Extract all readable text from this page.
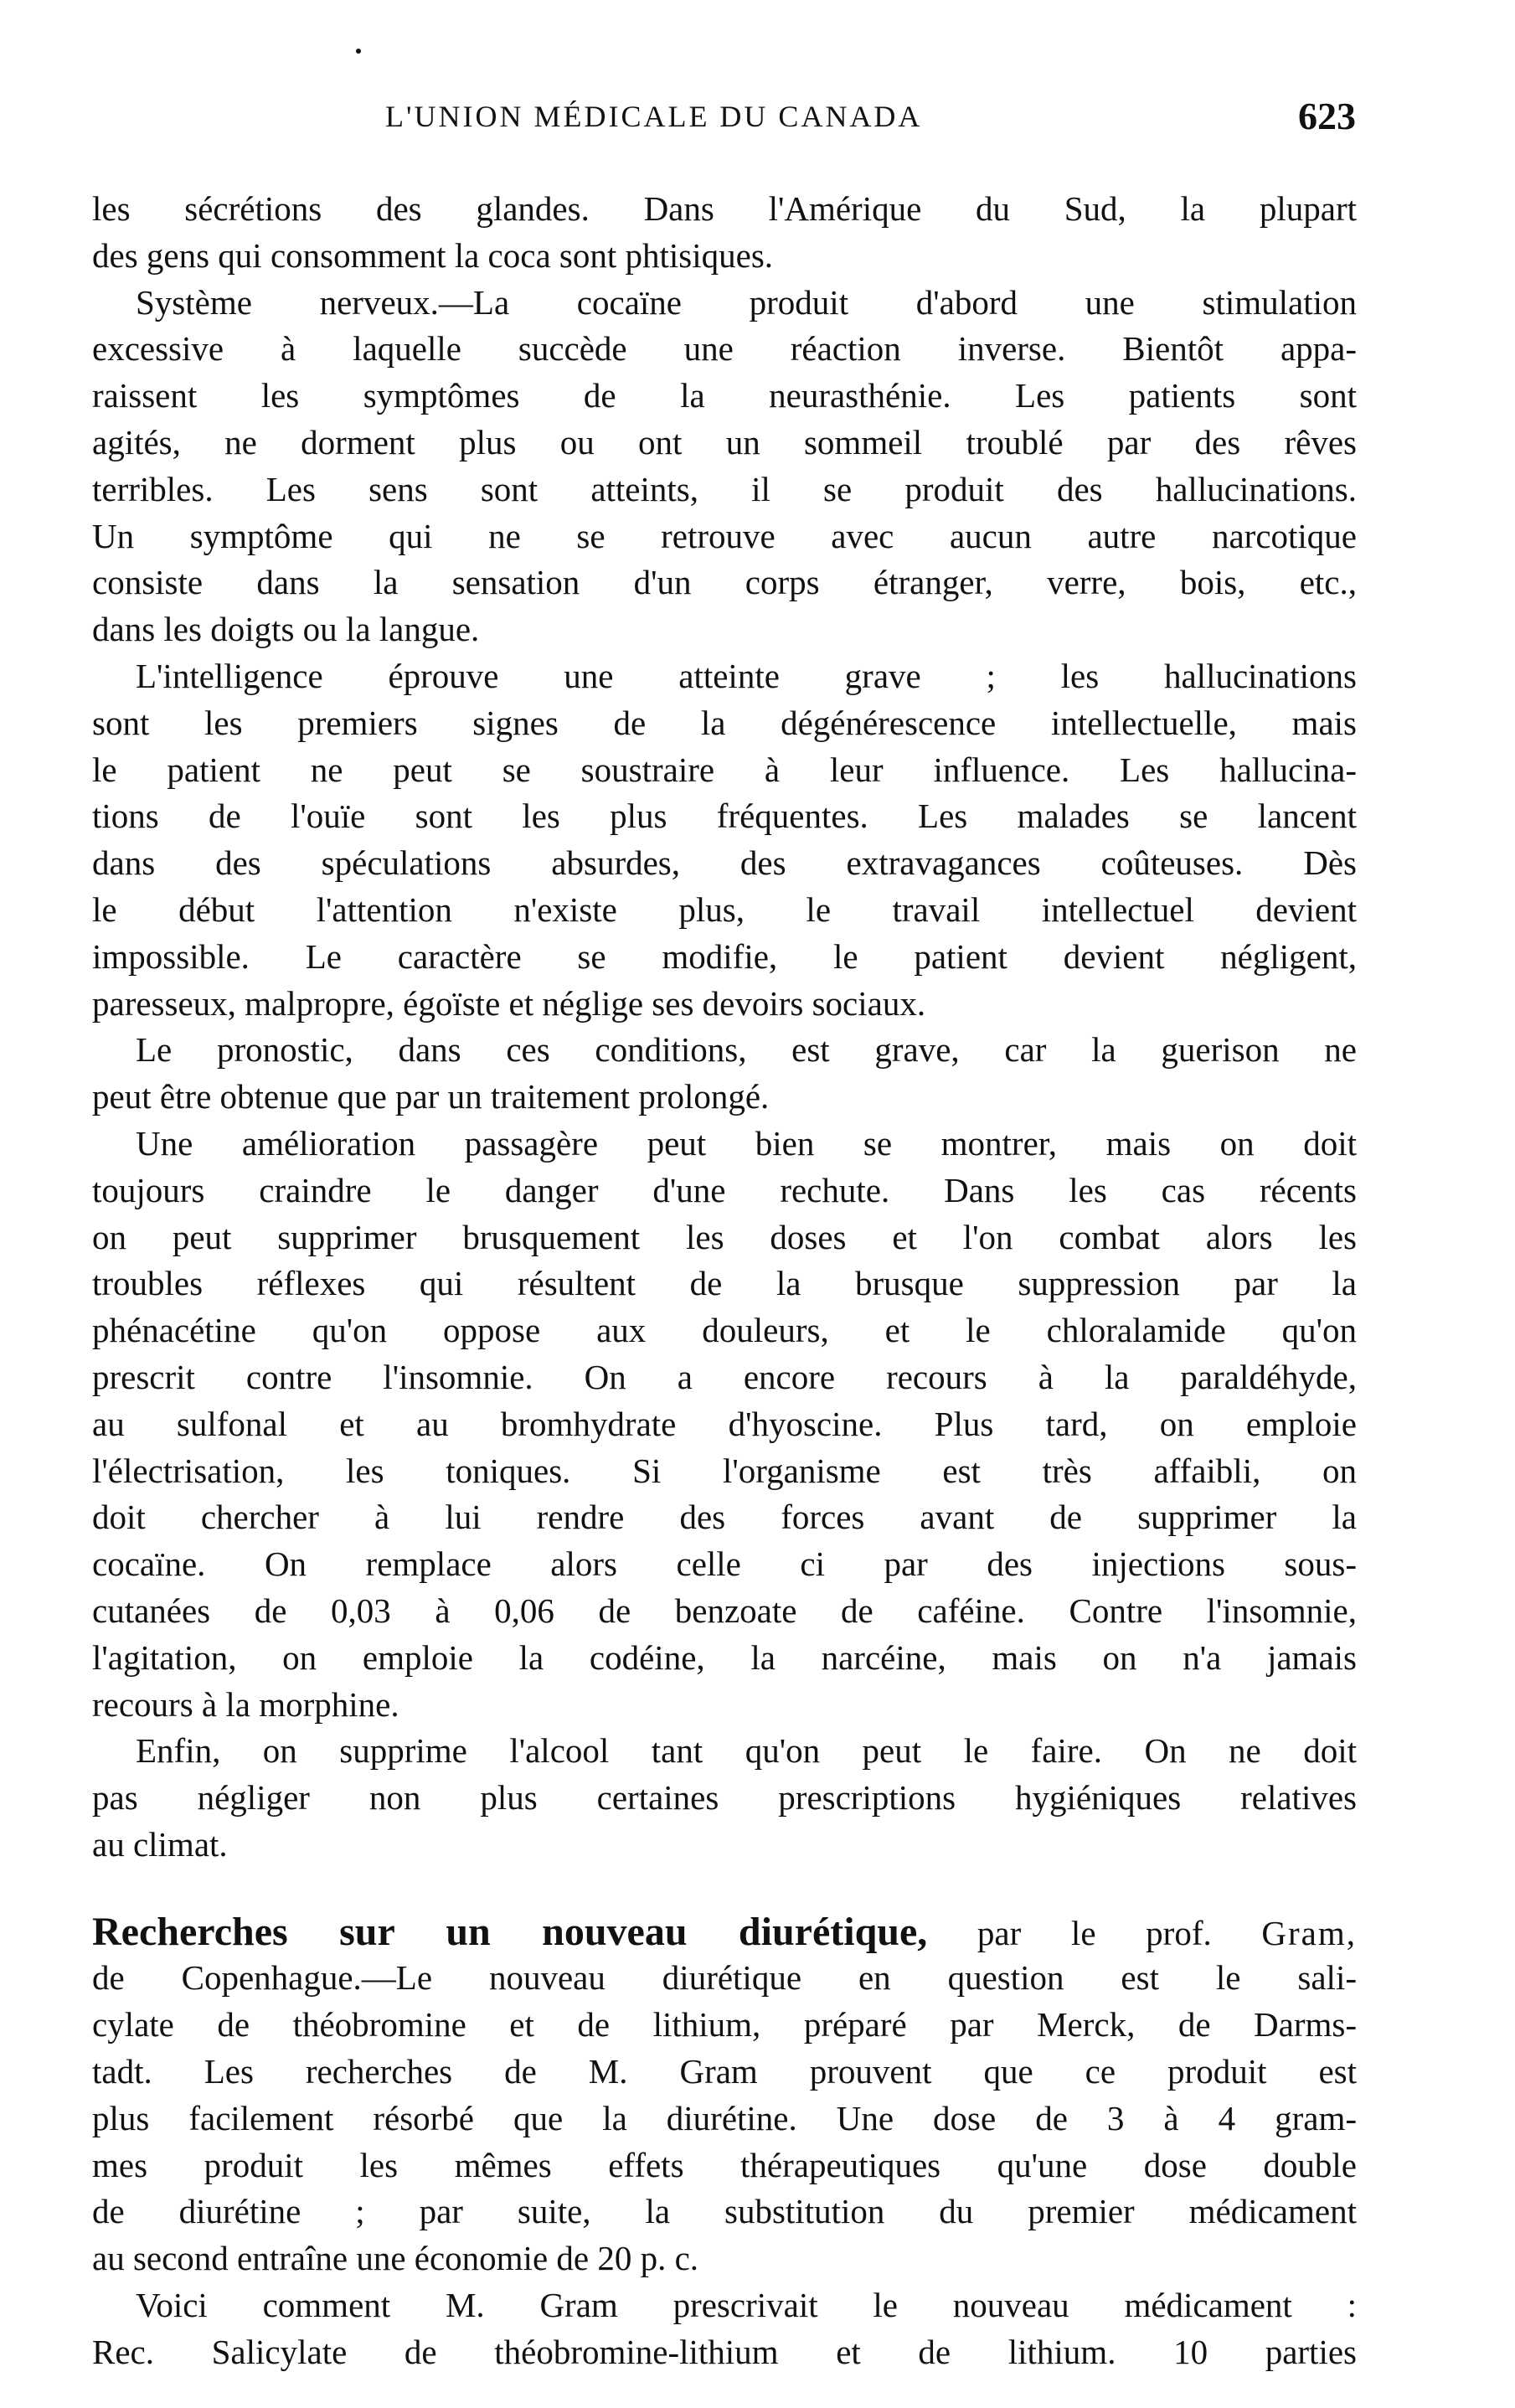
L'UNION MÉDICALE DU CANADA	623
les sécrétions des glandes. Dans l'Amérique du Sud, la plupart
des gens qui consomment la coca sont phtisiques.
Système nerveux.—La cocaïne produit d'abord une stimulation
excessive à laquelle succède une réaction inverse. Bientôt appa-
raissent les symptômes de la neurasthénie. Les patients sont
agités, ne dorment plus ou ont un sommeil troublé par des rêves
terribles. Les sens sont atteints, il se produit des hallucinations.
Un symptôme qui ne se retrouve avec aucun autre narcotique
consiste dans la sensation d'un corps étranger, verre, bois, etc.,
dans les doigts ou la langue.
L'intelligence éprouve une atteinte grave ; les hallucinations
sont les premiers signes de la dégénérescence intellectuelle, mais
le patient ne peut se soustraire à leur influence. Les hallucina-
tions de l'ouïe sont les plus fréquentes. Les malades se lancent
dans des spéculations absurdes, des extravagances coûteuses. Dès
le début l'attention n'existe plus, le travail intellectuel devient
impossible. Le caractère se modifie, le patient devient négligent,
paresseux, malpropre, égoïste et néglige ses devoirs sociaux.
Le pronostic, dans ces conditions, est grave, car la guerison ne
peut être obtenue que par un traitement prolongé.
Une amélioration passagère peut bien se montrer, mais on doit
toujours craindre le danger d'une rechute. Dans les cas récents
on peut supprimer brusquement les doses et l'on combat alors les
troubles réflexes qui résultent de la brusque suppression par la
phénacétine qu'on oppose aux douleurs, et le chloralamide qu'on
prescrit contre l'insomnie. On a encore recours à la paraldéhyde,
au sulfonal et au bromhydrate d'hyoscine. Plus tard, on emploie
l'électrisation, les toniques. Si l'organisme est très affaibli, on
doit chercher à lui rendre des forces avant de supprimer la
cocaïne. On remplace alors celle ci par des injections sous-
cutanées de 0,03 à 0,06 de benzoate de caféine. Contre l'insomnie,
l'agitation, on emploie la codéine, la narcéine, mais on n'a jamais
recours à la morphine.
Enfin, on supprime l'alcool tant qu'on peut le faire. On ne doit
pas négliger non plus certaines prescriptions hygiéniques relatives
au climat.
Recherches sur un nouveau diurétique, par le prof. Gram,
de Copenhague.—Le nouveau diurétique en question est le sali-
cylate de théobromine et de lithium, préparé par Merck, de Darms-
tadt. Les recherches de M. Gram prouvent que ce produit est
plus facilement résorbé que la diurétine. Une dose de 3 à 4 gram-
mes produit les mêmes effets thérapeutiques qu'une dose double
de diurétine ; par suite, la substitution du premier médicament
au second entraîne une économie de 20 p. c.
Voici comment M. Gram prescrivait le nouveau médicament :
Rec. Salicylate de théobromine-lithium et de lithium. 10 parties
